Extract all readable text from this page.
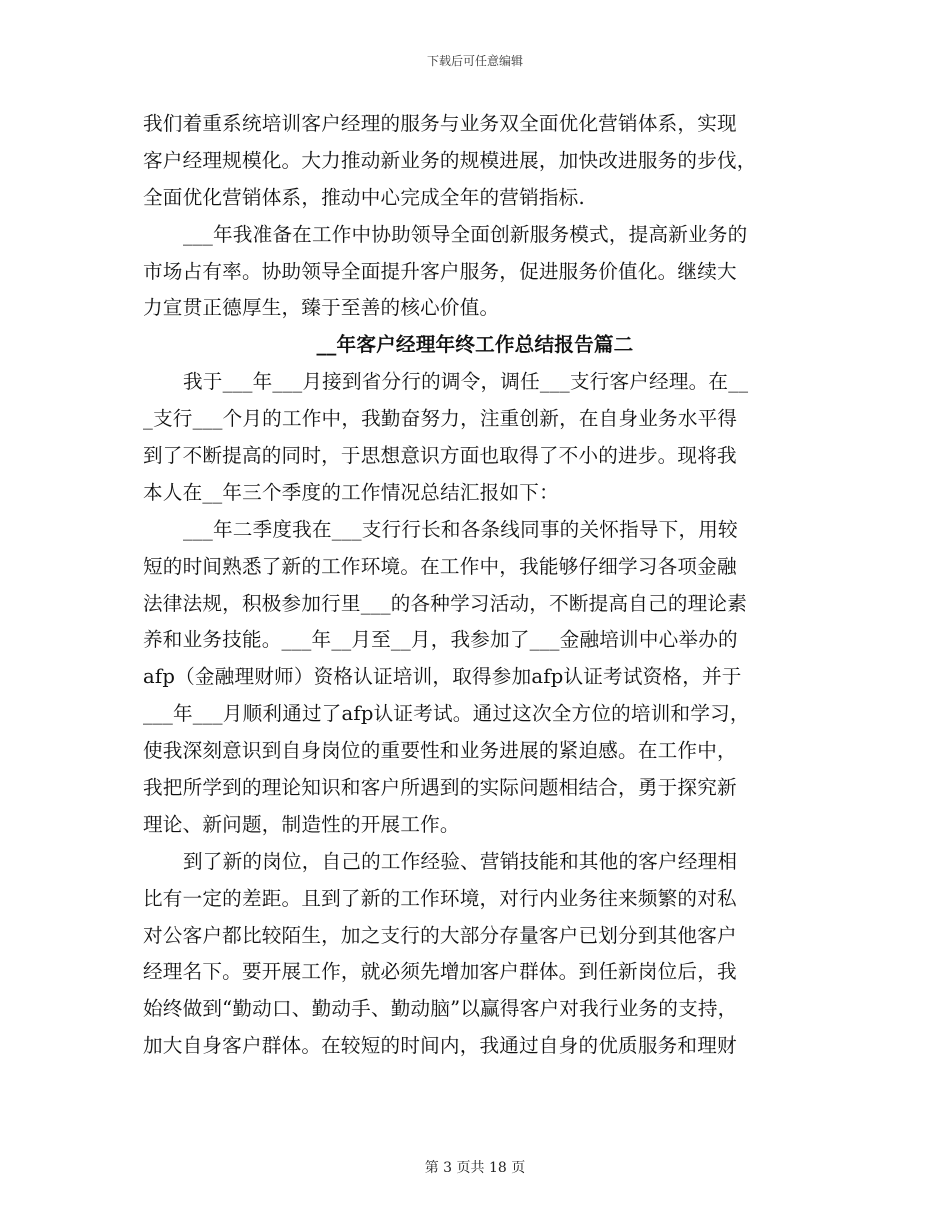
下载后可任意编辑
我们着重系统培训客户经理的服务与业务双全面优化营销体系，实现
客户经理规模化。大力推动新业务的规模进展，加快改进服务的步伐，
全面优化营销体系，推动中心完成全年的营销指标.
___年我准备在工作中协助领导全面创新服务模式，提高新业务的
市场占有率。协助领导全面提升客户服务，促进服务价值化。继续大
力宣贯正德厚生，臻于至善的核心价值。
__年客户经理年终工作总结报告篇二
我于___年___月接到省分行的调令，调任___支行客户经理。在__
_支行___个月的工作中，我勤奋努力，注重创新，在自身业务水平得
到了不断提高的同时，于思想意识方面也取得了不小的进步。现将我
本人在__年三个季度的工作情况总结汇报如下：
___年二季度我在___支行行长和各条线同事的关怀指导下，用较
短的时间熟悉了新的工作环境。在工作中，我能够仔细学习各项金融
法律法规，积极参加行里___的各种学习活动，不断提高自己的理论素
养和业务技能。___年__月至__月，我参加了___金融培训中心举办的
afp（金融理财师）资格认证培训，取得参加afp认证考试资格，并于
___年___月顺利通过了afp认证考试。通过这次全方位的培训和学习，
使我深刻意识到自身岗位的重要性和业务进展的紧迫感。在工作中，
我把所学到的理论知识和客户所遇到的实际问题相结合，勇于探究新
理论、新问题，制造性的开展工作。
到了新的岗位，自己的工作经验、营销技能和其他的客户经理相
比有一定的差距。且到了新的工作环境，对行内业务往来频繁的对私
对公客户都比较陌生，加之支行的大部分存量客户已划分到其他客户
经理名下。要开展工作，就必须先增加客户群体。到任新岗位后，我
始终做到“勤动口、勤动手、勤动脑”以赢得客户对我行业务的支持，
加大自身客户群体。在较短的时间内，我通过自身的优质服务和理财
第 3 页共 18 页
